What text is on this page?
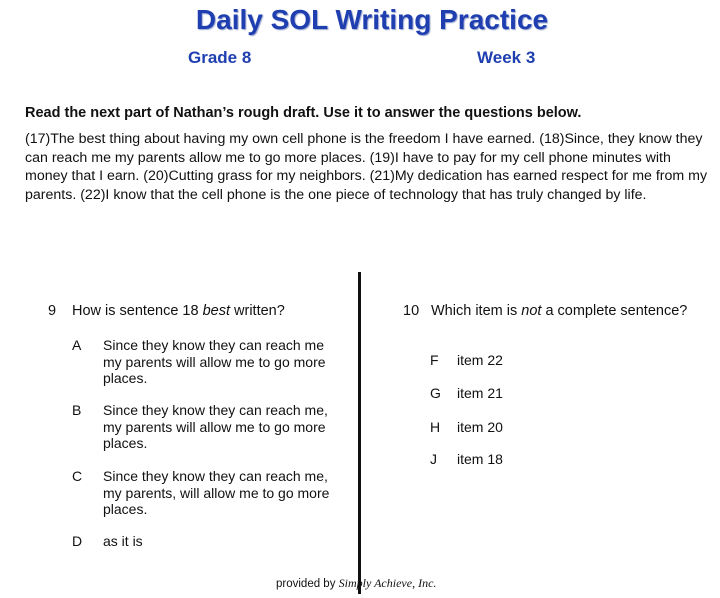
Daily SOL Writing Practice
Grade 8	Week 3
Read the next part of Nathan’s rough draft. Use it to answer the questions below.
(17)The best thing about having my own cell phone is the freedom I have earned. (18)Since, they know they can reach me my parents allow me to go more places. (19)I have to pay for my cell phone minutes with money that I earn. (20)Cutting grass for my neighbors. (21)My dedication has earned respect for me from my parents. (22)I know that the cell phone is the one piece of technology that has truly changed by life.
9 How is sentence 18 best written?
A Since they know they can reach me my parents will allow me to go more places.
B Since they know they can reach me, my parents will allow me to go more places.
C Since they know they can reach me, my parents, will allow me to go more places.
D as it is
10 Which item is not a complete sentence?
F item 22
G item 21
H item 20
J item 18
provided by Simply Achieve, Inc.
